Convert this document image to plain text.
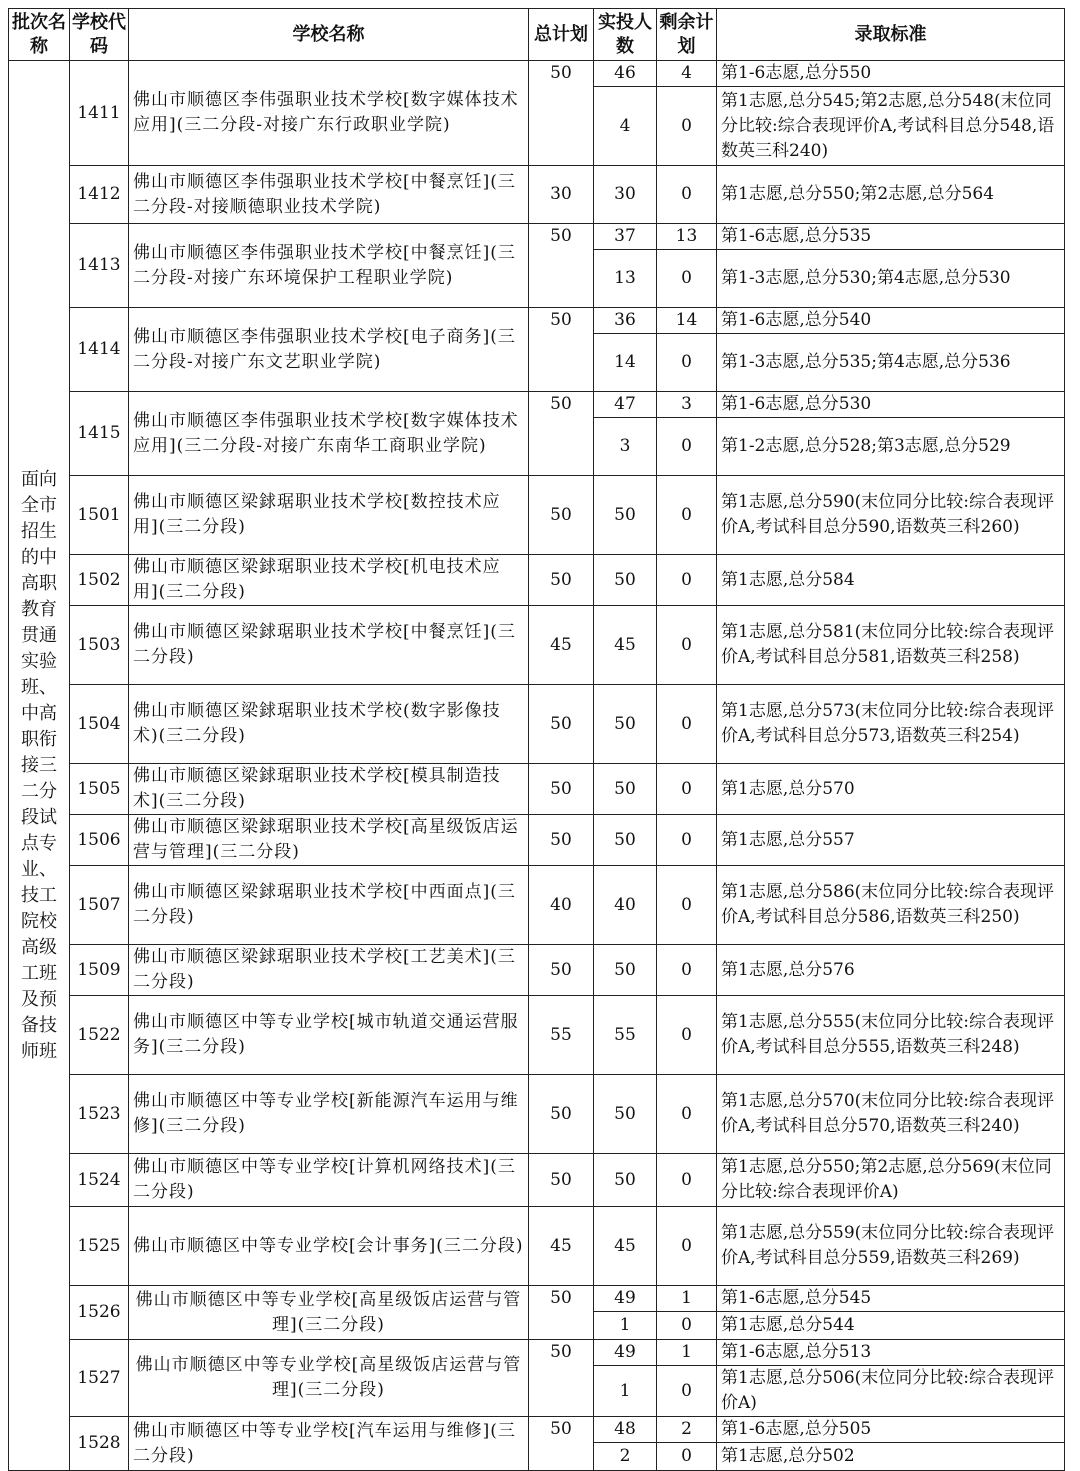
批次名称	学校代码	学校名称	总计划	实投人数	剩余计划	录取标准
面向全市招生的中高职教育贯通实验班、中高职衔接三二分段试点专业、技工院校高级工班及预备技师班	1411	佛山市顺德区李伟强职业技术学校[数字媒体技术应用](三二分段-对接广东行政职业学院)	50	46	4	第1-6志愿,总分550
				4	0	第1志愿,总分545;第2志愿,总分548(末位同分比较:综合表现评价A,考试科目总分548,语数英三科240)
	1412	佛山市顺德区李伟强职业技术学校[中餐烹饪](三二分段-对接顺德职业技术学院)	30	30	0	第1志愿,总分550;第2志愿,总分564
	1413	佛山市顺德区李伟强职业技术学校[中餐烹饪](三二分段-对接广东环境保护工程职业学院)	50	37	13	第1-6志愿,总分535
				13	0	第1-3志愿,总分530;第4志愿,总分530
	1414	佛山市顺德区李伟强职业技术学校[电子商务](三二分段-对接广东文艺职业学院)	50	36	14	第1-6志愿,总分540
				14	0	第1-3志愿,总分535;第4志愿,总分536
	1415	佛山市顺德区李伟强职业技术学校[数字媒体技术应用](三二分段-对接广东南华工商职业学院)	50	47	3	第1-6志愿,总分530
				3	0	第1-2志愿,总分528;第3志愿,总分529
	1501	佛山市顺德区梁銶琚职业技术学校[数控技术应用](三二分段)	50	50	0	第1志愿,总分590(末位同分比较:综合表现评价A,考试科目总分590,语数英三科260)
	1502	佛山市顺德区梁銶琚职业技术学校[机电技术应用](三二分段)	50	50	0	第1志愿,总分584
	1503	佛山市顺德区梁銶琚职业技术学校[中餐烹饪](三二分段)	45	45	0	第1志愿,总分581(末位同分比较:综合表现评价A,考试科目总分581,语数英三科258)
	1504	佛山市顺德区梁銶琚职业技术学校(数字影像技术)(三二分段)	50	50	0	第1志愿,总分573(末位同分比较:综合表现评价A,考试科目总分573,语数英三科254)
	1505	佛山市顺德区梁銶琚职业技术学校[模具制造技术](三二分段)	50	50	0	第1志愿,总分570
	1506	佛山市顺德区梁銶琚职业技术学校[高星级饭店运营与管理](三二分段)	50	50	0	第1志愿,总分557
	1507	佛山市顺德区梁銶琚职业技术学校[中西面点](三二分段)	40	40	0	第1志愿,总分586(末位同分比较:综合表现评价A,考试科目总分586,语数英三科250)
	1509	佛山市顺德区梁銶琚职业技术学校[工艺美术](三二分段)	50	50	0	第1志愿,总分576
	1522	佛山市顺德区中等专业学校[城市轨道交通运营服务](三二分段)	55	55	0	第1志愿,总分555(末位同分比较:综合表现评价A,考试科目总分555,语数英三科248)
	1523	佛山市顺德区中等专业学校[新能源汽车运用与维修](三二分段)	50	50	0	第1志愿,总分570(末位同分比较:综合表现评价A,考试科目总分570,语数英三科240)
	1524	佛山市顺德区中等专业学校[计算机网络技术](三二分段)	50	50	0	第1志愿,总分550;第2志愿,总分569(末位同分比较:综合表现评价A)
	1525	佛山市顺德区中等专业学校[会计事务](三二分段)	45	45	0	第1志愿,总分559(末位同分比较:综合表现评价A,考试科目总分559,语数英三科269)
	1526	佛山市顺德区中等专业学校[高星级饭店运营与管理](三二分段)	50	49	1	第1-6志愿,总分545
				1	0	第1志愿,总分544
	1527	佛山市顺德区中等专业学校[高星级饭店运营与管理](三二分段)	50	49	1	第1-6志愿,总分513
				1	0	第1志愿,总分506(末位同分比较:综合表现评价A)
	1528	佛山市顺德区中等专业学校[汽车运用与维修](三二分段)	50	48	2	第1-6志愿,总分505
				2	0	第1志愿,总分502
